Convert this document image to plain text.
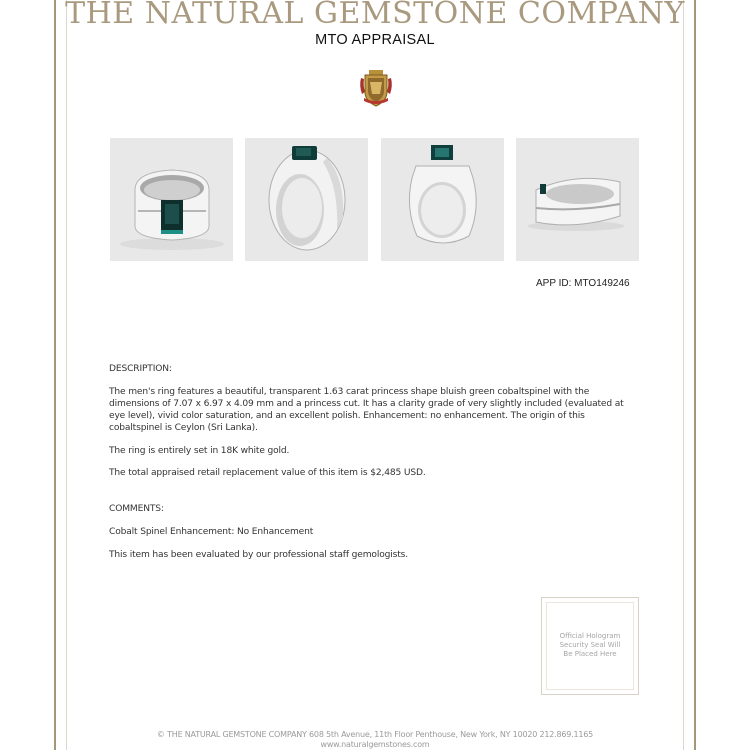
THE NATURAL GEMSTONE COMPANY
MTO APPRAISAL
APP ID: MTO149246
DESCRIPTION:
The men's ring features a beautiful, transparent 1.63 carat princess shape bluish green cobaltspinel with the dimensions of 7.07 x 6.97 x 4.09 mm and a princess cut. It has a clarity grade of very slightly included (evaluated at eye level), vivid color saturation, and an excellent polish. Enhancement: no enhancement. The origin of this cobaltspinel is Ceylon (Sri Lanka).
The ring is entirely set in 18K white gold.
The total appraised retail replacement value of this item is $2,485 USD.
COMMENTS:
Cobalt Spinel Enhancement: No Enhancement
This item has been evaluated by our professional staff gemologists.
Official Hologram
Security Seal Will
Be Placed Here
© THE NATURAL GEMSTONE COMPANY 608 5th Avenue, 11th Floor Penthouse, New York, NY 10020 212.869.1165
www.naturalgemstones.com
